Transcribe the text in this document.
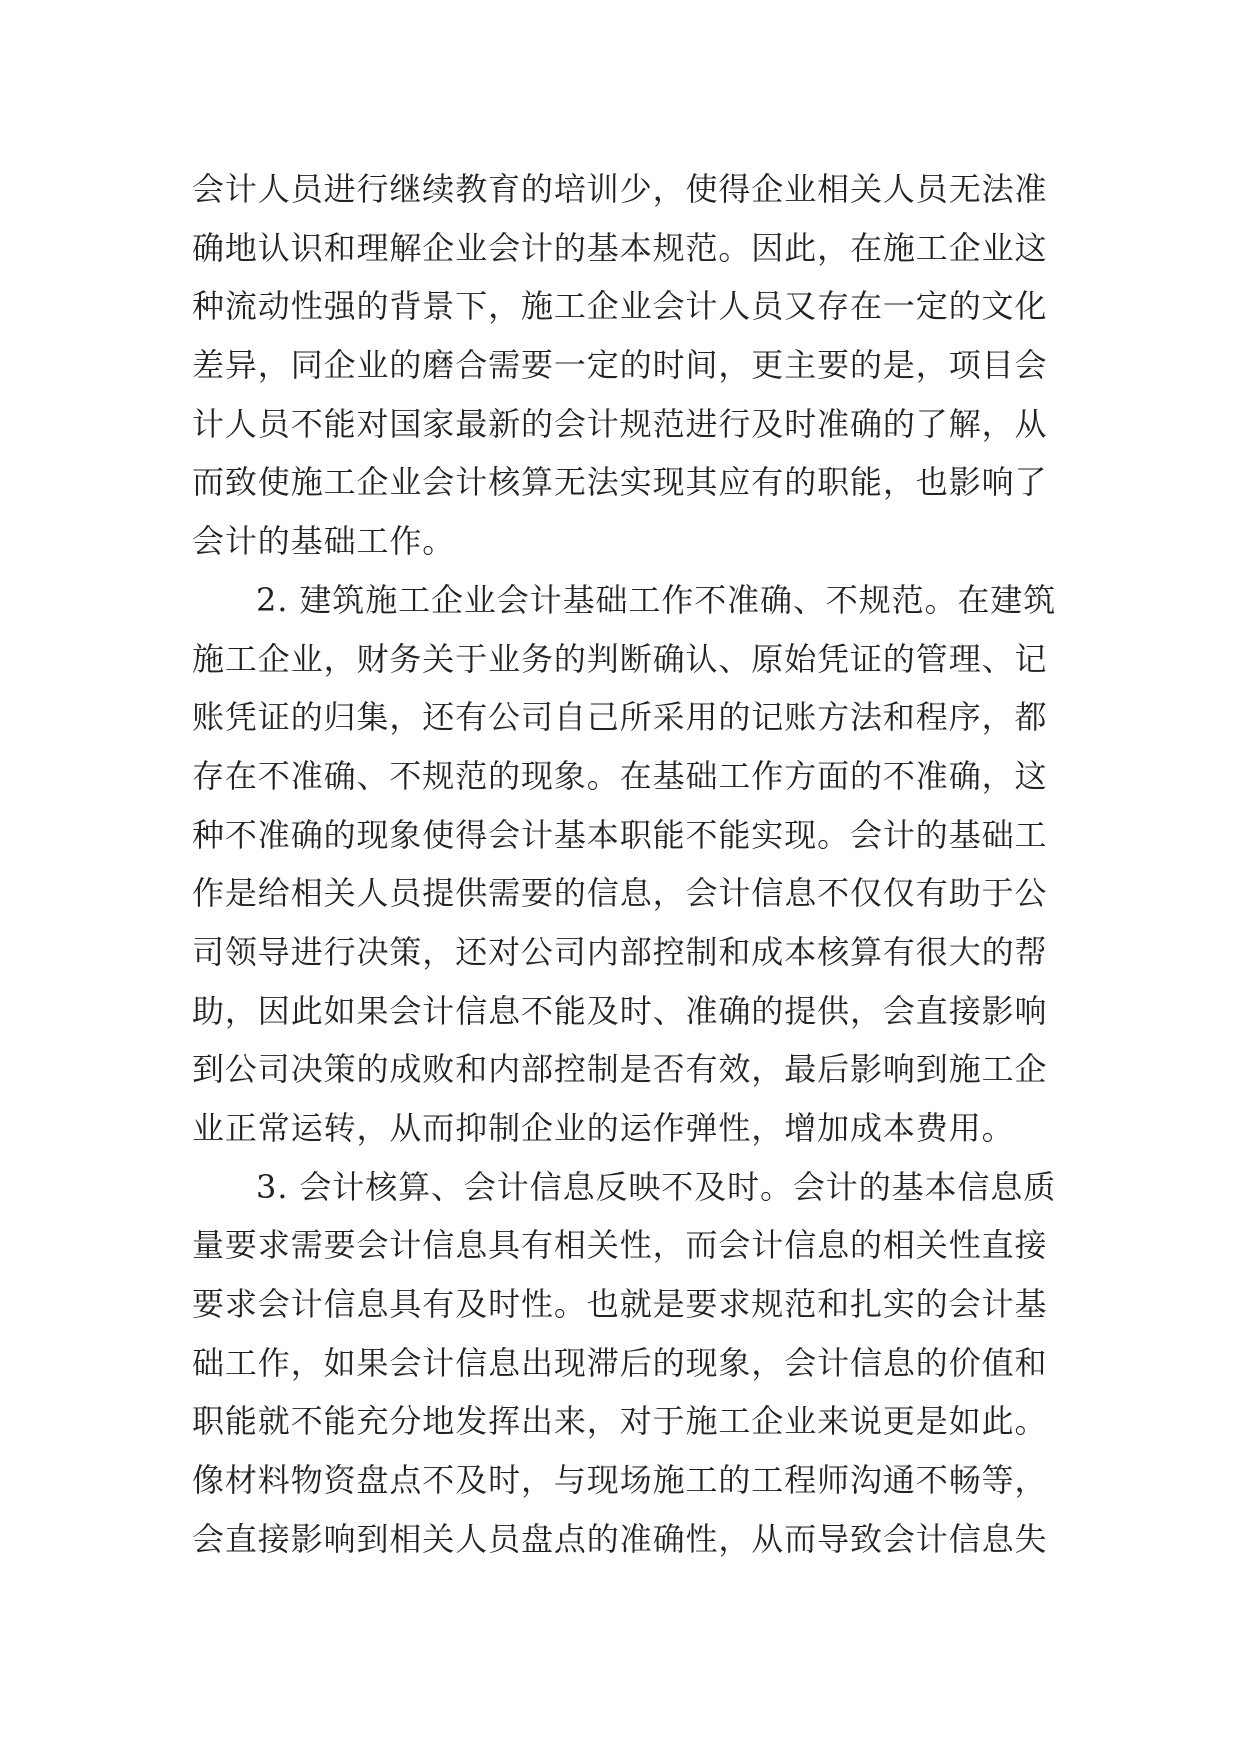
会计人员进行继续教育的培训少，使得企业相关人员无法准
确地认识和理解企业会计的基本规范。因此，在施工企业这
种流动性强的背景下，施工企业会计人员又存在一定的文化
差异，同企业的磨合需要一定的时间，更主要的是，项目会
计人员不能对国家最新的会计规范进行及时准确的了解，从
而致使施工企业会计核算无法实现其应有的职能，也影响了
会计的基础工作。
2. 建筑施工企业会计基础工作不准确、不规范。在建筑
施工企业，财务关于业务的判断确认、原始凭证的管理、记
账凭证的归集，还有公司自己所采用的记账方法和程序，都
存在不准确、不规范的现象。在基础工作方面的不准确，这
种不准确的现象使得会计基本职能不能实现。会计的基础工
作是给相关人员提供需要的信息，会计信息不仅仅有助于公
司领导进行决策，还对公司内部控制和成本核算有很大的帮
助，因此如果会计信息不能及时、准确的提供，会直接影响
到公司决策的成败和内部控制是否有效，最后影响到施工企
业正常运转，从而抑制企业的运作弹性，增加成本费用。
3. 会计核算、会计信息反映不及时。会计的基本信息质
量要求需要会计信息具有相关性，而会计信息的相关性直接
要求会计信息具有及时性。也就是要求规范和扎实的会计基
础工作，如果会计信息出现滞后的现象，会计信息的价值和
职能就不能充分地发挥出来，对于施工企业来说更是如此。
像材料物资盘点不及时，与现场施工的工程师沟通不畅等，
会直接影响到相关人员盘点的准确性，从而导致会计信息失
